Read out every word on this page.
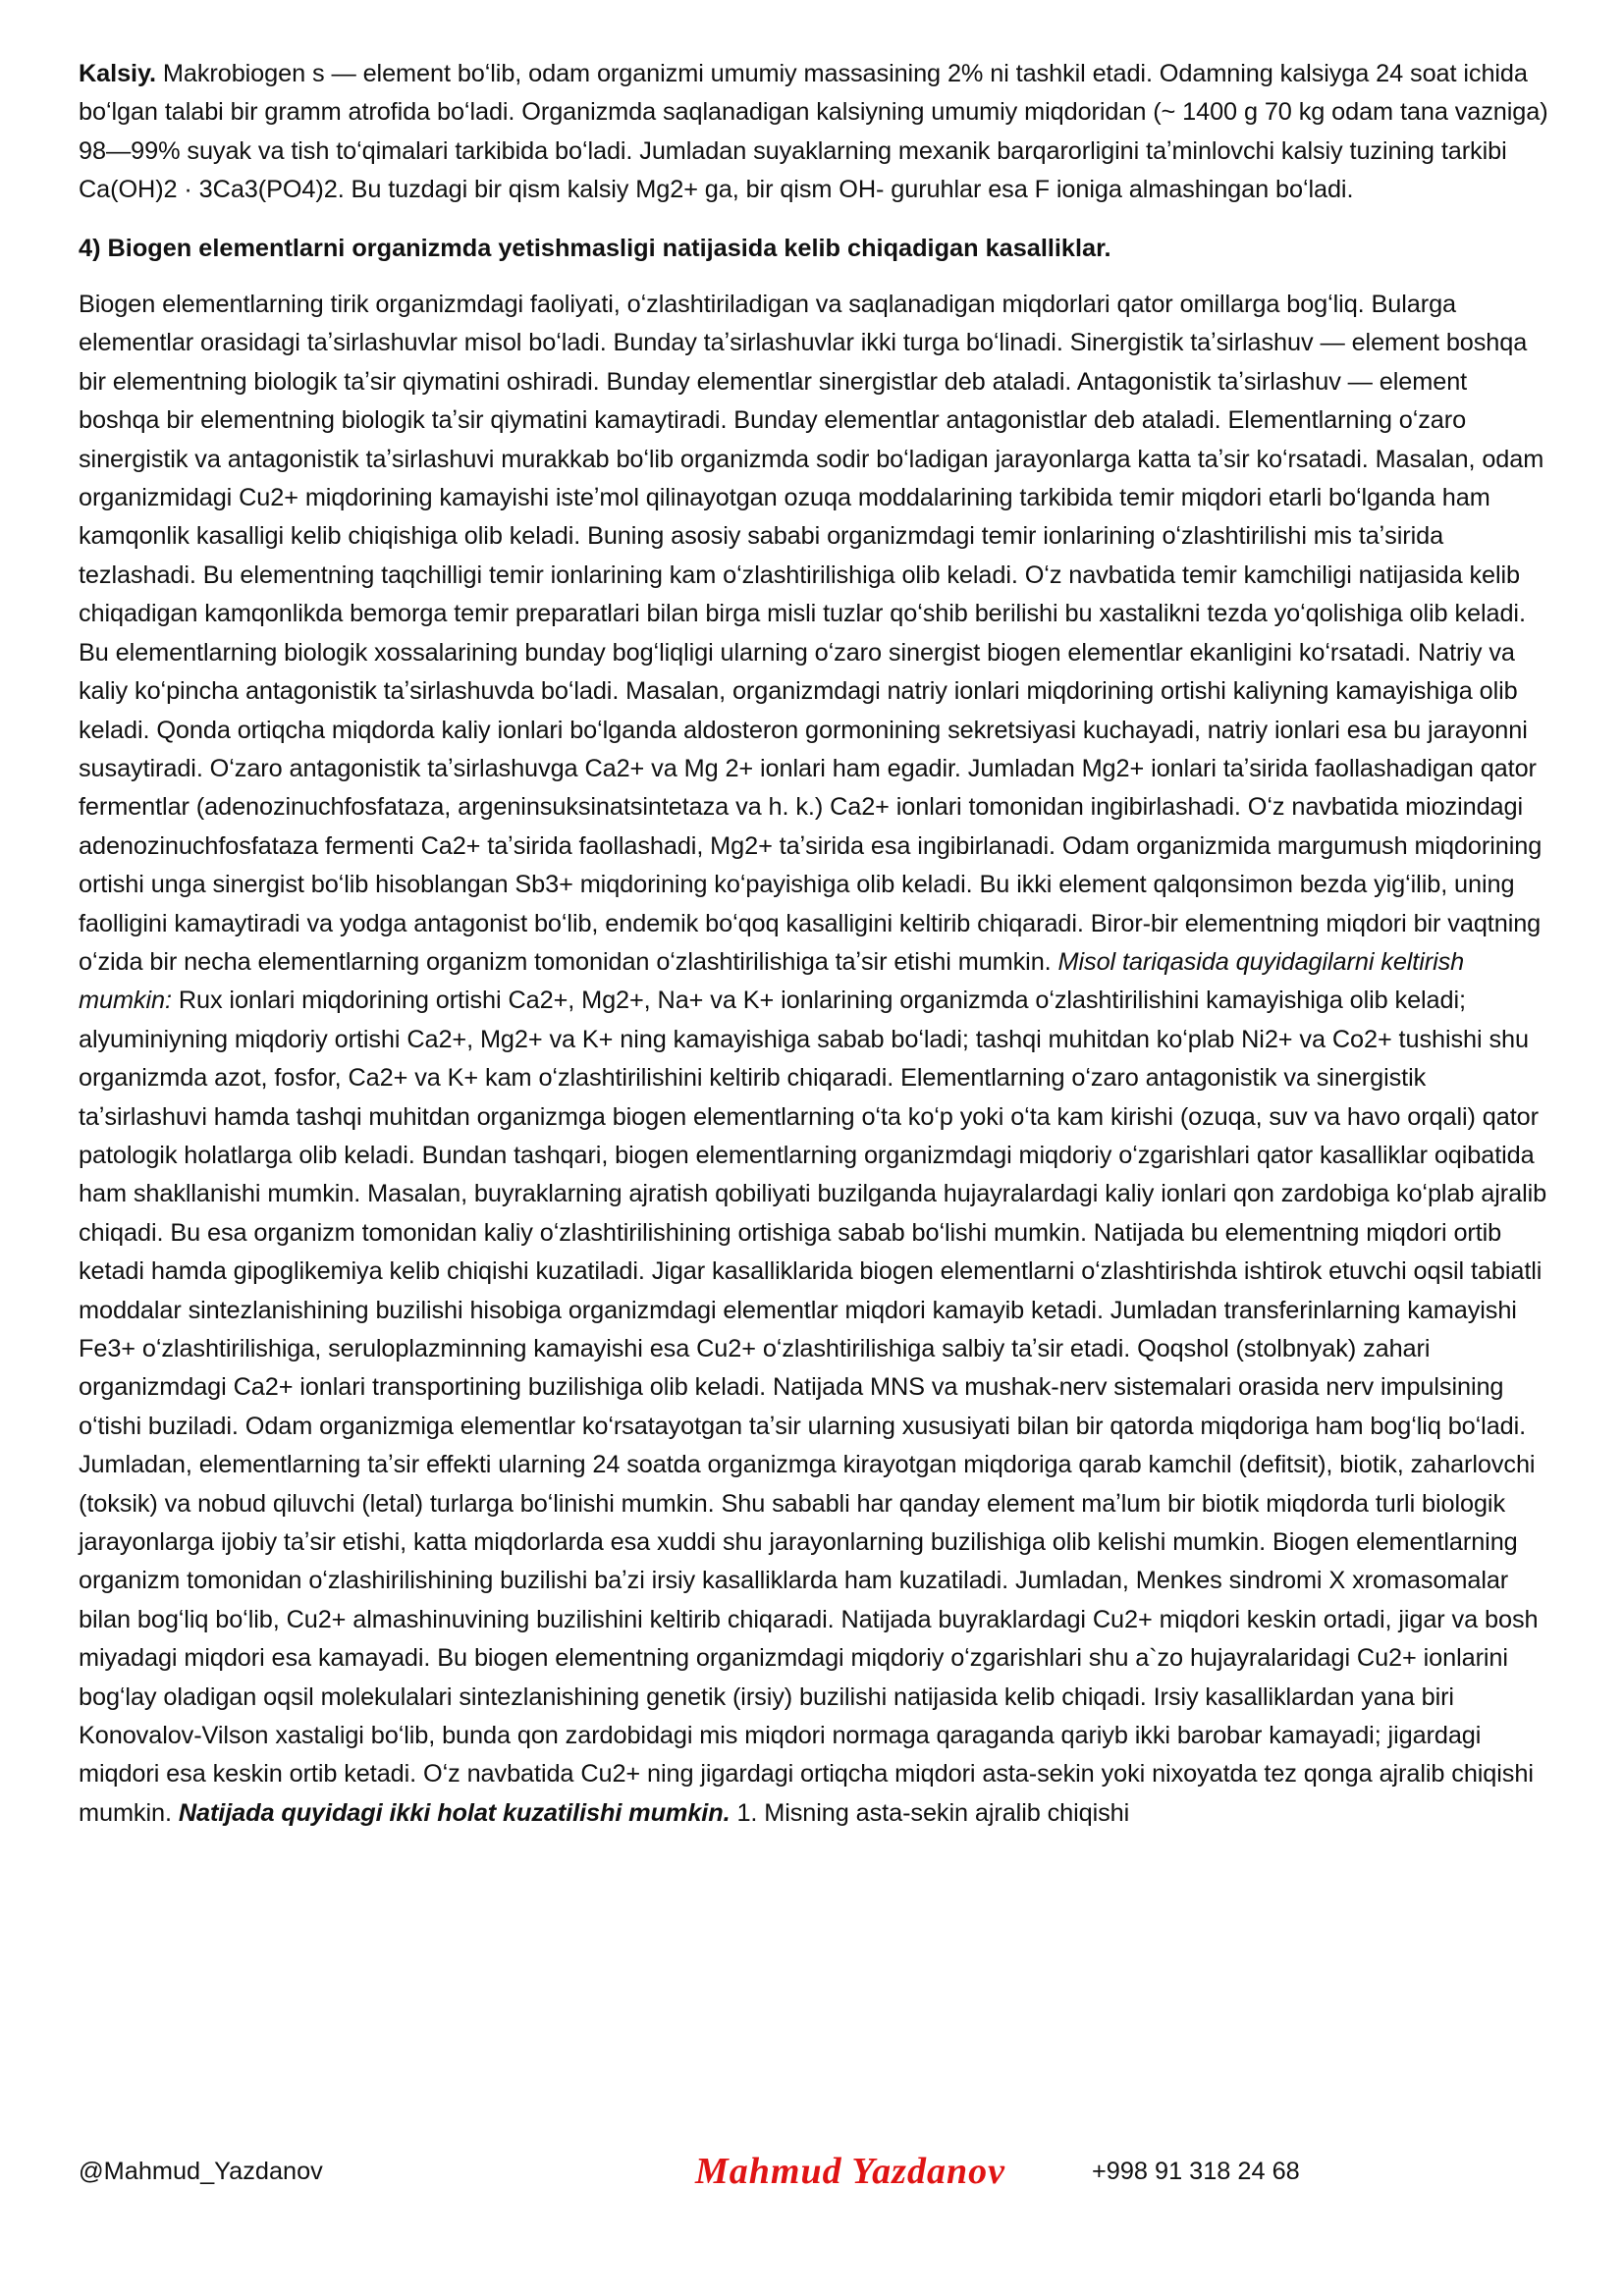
Kalsiy. Makrobiogen s — element boʻlib, odam organizmi umumiy massasining 2% ni tashkil etadi. Odamning kalsiyga 24 soat ichida boʻlgan talabi bir gramm atrofida boʻladi. Organizmda saqlanadigan kalsiyning umumiy miqdoridan (~ 1400 g 70 kg odam tana vazniga) 98—99% suyak va tish toʻqimalari tarkibida boʻladi. Jumladan suyaklarning mexanik barqarorligini taʼminlovchi kalsiy tuzining tarkibi Ca(OH)2 · 3Ca3(PO4)2. Bu tuzdagi bir qism kalsiy Mg2+ ga, bir qism OH- guruhlar esa F ioniga almashingan boʻladi.

4) Biogen elementlarni organizmda yetishmasligi natijasida kelib chiqadigan kasalliklar.

Biogen elementlarning tirik organizmdagi faoliyati, oʻzlashtiriladigan va saqlanadigan miqdorlari qator omillarga bogʻliq. Bularga elementlar orasidagi taʼsirlashuvlar misol boʻladi. Bunday taʼsirlashuvlar ikki turga boʻlinadi. Sinergistik taʼsirlashuv — element boshqa bir elementning biologik taʼsir qiymatini oshiradi. Bunday elementlar sinergistlar deb ataladi. Antagonistik taʼsirlashuv — element boshqa bir elementning biologik taʼsir qiymatini kamaytiradi. Bunday elementlar antagonistlar deb ataladi. Elementlarning oʻzaro sinergistik va antagonistik taʼsirlashuvi murakkab boʻlib organizmda sodir boʻladigan jarayonlarga katta taʼsir koʻrsatadi. Masalan, odam organizmidagi Cu2+ miqdorining kamayishi isteʼmol qilinayotgan ozuqa moddalarining tarkibida temir miqdori etarli boʻlganda ham kamqonlik kasalligi kelib chiqishiga olib keladi. Buning asosiy sababi organizmdagi temir ionlarining oʻzlashtirilishi mis taʼsirida tezlashadi. Bu elementning taqchilligi temir ionlarining kam oʻzlashtirilishiga olib keladi. Oʻz navbatida temir kamchiligi natijasida kelib chiqadigan kamqonlikda bemorga temir preparatlari bilan birga misli tuzlar qoʻshib berilishi bu xastalikni tezda yoʻqolishiga olib keladi. Bu elementlarning biologik xossalarining bunday bogʻliqligi ularning oʻzaro sinergist biogen elementlar ekanligini koʻrsatadi. Natriy va kaliy koʻpincha antagonistik taʼsirlashuvda boʻladi. Masalan, organizmdagi natriy ionlari miqdorining ortishi kaliyning kamayishiga olib keladi. Qonda ortiqcha miqdorda kaliy ionlari boʻlganda aldosteron gormonining sekretsiyasi kuchayadi, natriy ionlari esa bu jarayonni susaytiradi. Oʻzaro antagonistik taʼsirlashuvga Ca2+ va Mg 2+ ionlari ham egadir. Jumladan Mg2+ ionlari taʼsirida faollashadigan qator fermentlar (adenozinuchfosfataza, argeninsuksinatsintetaza va h. k.) Ca2+ ionlari tomonidan ingibirlashadi. Oʻz navbatida miozindagi adenozinuchfosfataza fermenti Ca2+ taʼsirida faollashadi, Mg2+ taʼsirida esa ingibirlanadi. Odam organizmida margumush miqdorining ortishi unga sinergist boʻlib hisoblangan Sb3+ miqdorining koʻpayishiga olib keladi. Bu ikki element qalqonsimon bezda yigʻilib, uning faolligini kamaytiradi va yodga antagonist boʻlib, endemik boʻqoq kasalligini keltirib chiqaradi. Biror-bir elementning miqdori bir vaqtning oʻzida bir necha elementlarning organizm tomonidan oʻzlashtirilishiga taʼsir etishi mumkin. Misol tariqasida quyidagilarni keltirish mumkin: Rux ionlari miqdorining ortishi Ca2+, Mg2+, Na+ va K+ ionlarining organizmda oʻzlashtirilishini kamayishiga olib keladi; alyuminiyning miqdoriy ortishi Ca2+, Mg2+ va K+ ning kamayishiga sabab boʻladi; tashqi muhitdan koʻplab Ni2+ va Co2+ tushishi shu organizmda azot, fosfor, Ca2+ va K+ kam oʻzlashtirilishini keltirib chiqaradi. Elementlarning oʻzaro antagonistik va sinergistik taʼsirlashuvi hamda tashqi muhitdan organizmga biogen elementlarning oʻta koʻp yoki oʻta kam kirishi (ozuqa, suv va havo orqali) qator patologik holatlarga olib keladi. Bundan tashqari, biogen elementlarning organizmdagi miqdoriy oʻzgarishlari qator kasalliklar oqibatida ham shakllanishi mumkin. Masalan, buyraklarning ajratish qobiliyati buzilganda hujayralardagi kaliy ionlari qon zardobiga koʻplab ajralib chiqadi. Bu esa organizm tomonidan kaliy oʻzlashtirilishining ortishiga sabab boʻlishi mumkin. Natijada bu elementning miqdori ortib ketadi hamda gipoglikemiya kelib chiqishi kuzatiladi. Jigar kasalliklarida biogen elementlarni oʻzlashtirishda ishtirok etuvchi oqsil tabiatli moddalar sintezlanishining buzilishi hisobiga organizmdagi elementlar miqdori kamayib ketadi. Jumladan transferinlarning kamayishi Fe3+ oʻzlashtirilishiga, seruloplazminning kamayishi esa Cu2+ oʻzlashtirilishiga salbiy taʼsir etadi. Qoqshol (stolbnyak) zahari organizmdagi Ca2+ ionlari transportining buzilishiga olib keladi. Natijada MNS va mushak-nerv sistemalari orasida nerv impulsining oʻtishi buziladi. Odam organizmiga elementlar koʻrsatayotgan taʼsir ularning xususiyati bilan bir qatorda miqdoriga ham bogʻliq boʻladi. Jumladan, elementlarning taʼsir effekti ularning 24 soatda organizmga kirayotgan miqdoriga qarab kamchil (defitsit), biotik, zaharlovchi (toksik) va nobud qiluvchi (letal) turlarga boʻlinishi mumkin. Shu sababli har qanday element maʼlum bir biotik miqdorda turli biologik jarayonlarga ijobiy taʼsir etishi, katta miqdorlarda esa xuddi shu jarayonlarning buzilishiga olib kelishi mumkin. Biogen elementlarning organizm tomonidan oʻzlashirilishining buzilishi baʼzi irsiy kasalliklarda ham kuzatiladi. Jumladan, Menkes sindromi X xromasomalar bilan bogʻliq boʻlib, Cu2+ almashinuvining buzilishini keltirib chiqaradi. Natijada buyraklardagi Cu2+ miqdori keskin ortadi, jigar va bosh miyadagi miqdori esa kamayadi. Bu biogen elementning organizmdagi miqdoriy oʻzgarishlari shu a`zo hujayralaridagi Cu2+ ionlarini bogʻlay oladigan oqsil molekulalari sintezlanishining genetik (irsiy) buzilishi natijasida kelib chiqadi. Irsiy kasalliklardan yana biri Konovalov-Vilson xastaligi boʻlib, bunda qon zardobidagi mis miqdori normaga qaraganda qariyb ikki barobar kamayadi; jigardagi miqdori esa keskin ortib ketadi. Oʻz navbatida Cu2+ ning jigardagi ortiqcha miqdori asta-sekin yoki nixoyatda tez qonga ajralib chiqishi mumkin. Natijada quyidagi ikki holat kuzatilishi mumkin. 1. Misning asta-sekin ajralib chiqishi

@Mahmud_Yazdanov	Mahmud Yazdanov	+998 91 318 24 68
